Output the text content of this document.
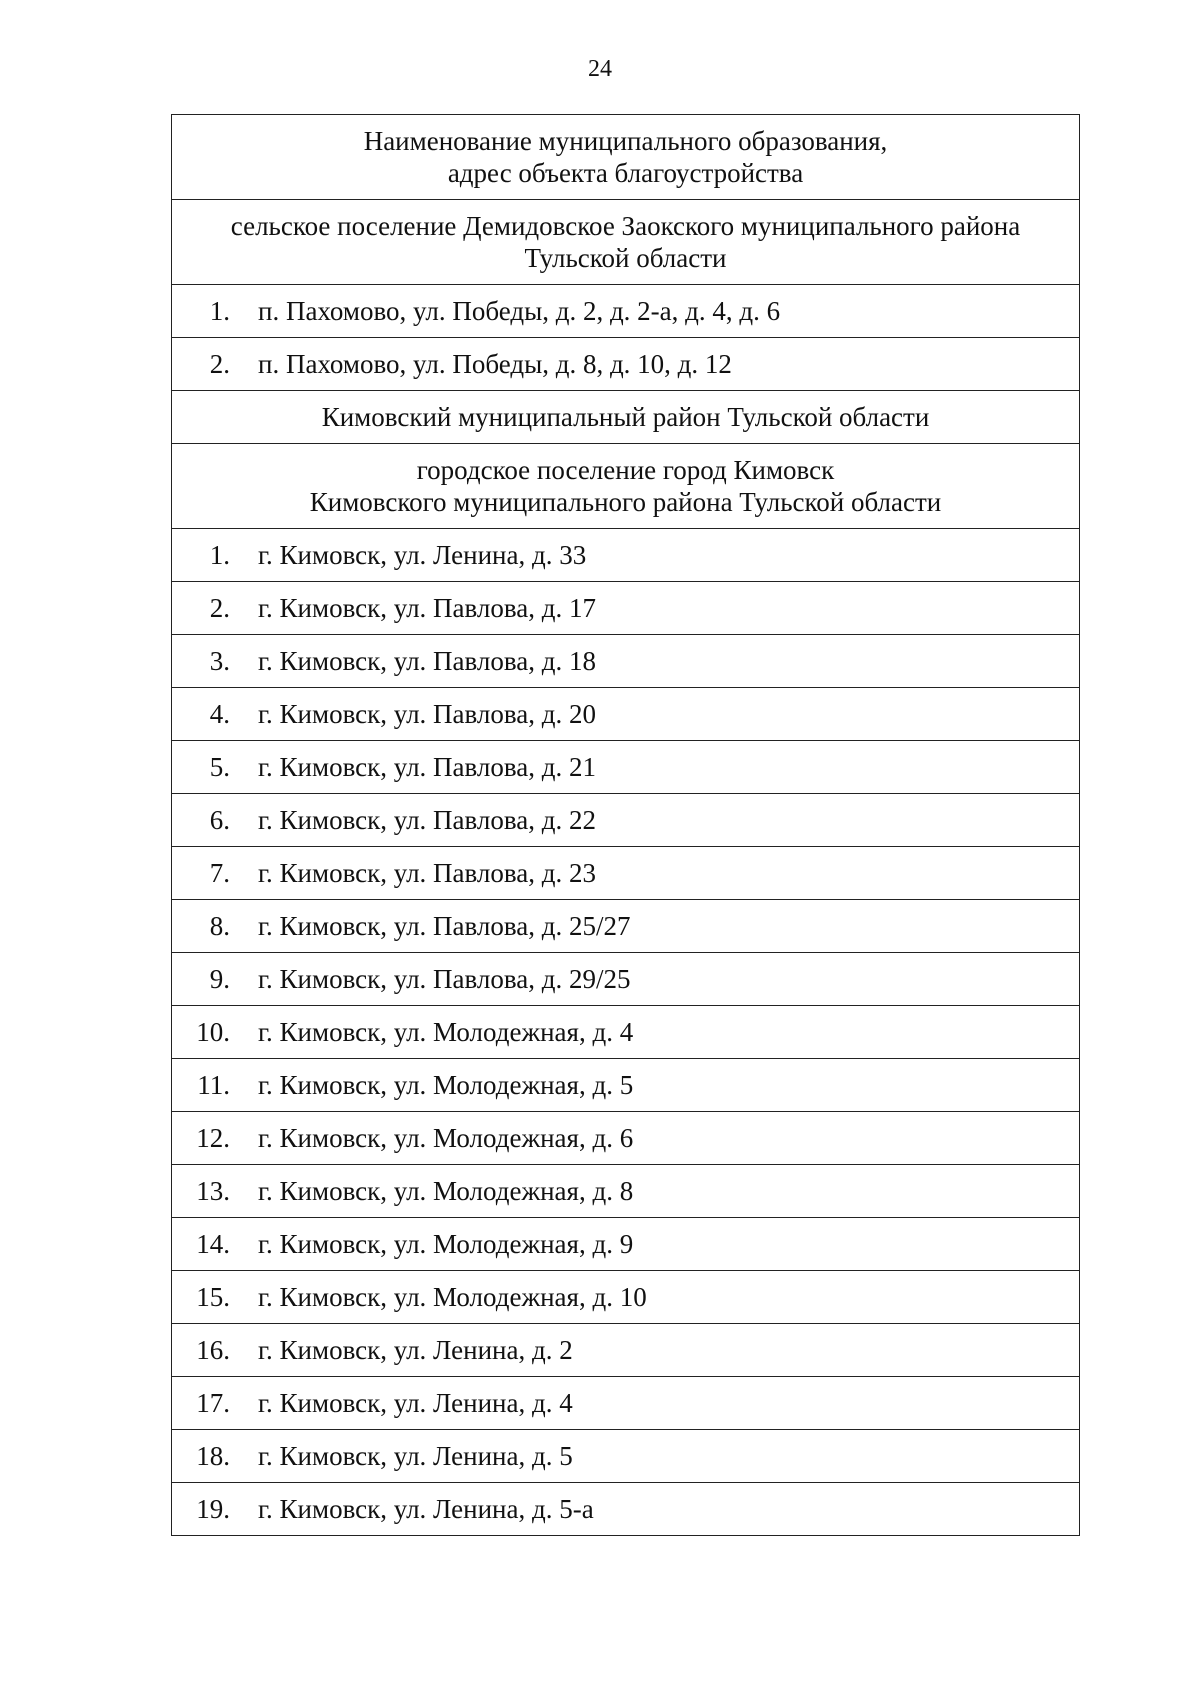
24
Наименование муниципального образования,
адрес объекта благоустройства
сельское поселение Демидовское Заокского муниципального района
Тульской области
1. п. Пахомово, ул. Победы, д. 2, д. 2-а, д. 4, д. 6
2. п. Пахомово, ул. Победы, д. 8, д. 10, д. 12
Кимовский муниципальный район Тульской области
городское поселение город Кимовск
Кимовского муниципального района Тульской области
1. г. Кимовск, ул. Ленина, д. 33
2. г. Кимовск, ул. Павлова, д. 17
3. г. Кимовск, ул. Павлова, д. 18
4. г. Кимовск, ул. Павлова, д. 20
5. г. Кимовск, ул. Павлова, д. 21
6. г. Кимовск, ул. Павлова, д. 22
7. г. Кимовск, ул. Павлова, д. 23
8. г. Кимовск, ул. Павлова, д. 25/27
9. г. Кимовск, ул. Павлова, д. 29/25
10. г. Кимовск, ул. Молодежная, д. 4
11. г. Кимовск, ул. Молодежная, д. 5
12. г. Кимовск, ул. Молодежная, д. 6
13. г. Кимовск, ул. Молодежная, д. 8
14. г. Кимовск, ул. Молодежная, д. 9
15. г. Кимовск, ул. Молодежная, д. 10
16. г. Кимовск, ул. Ленина, д. 2
17. г. Кимовск, ул. Ленина, д. 4
18. г. Кимовск, ул. Ленина, д. 5
19. г. Кимовск, ул. Ленина, д. 5-а
